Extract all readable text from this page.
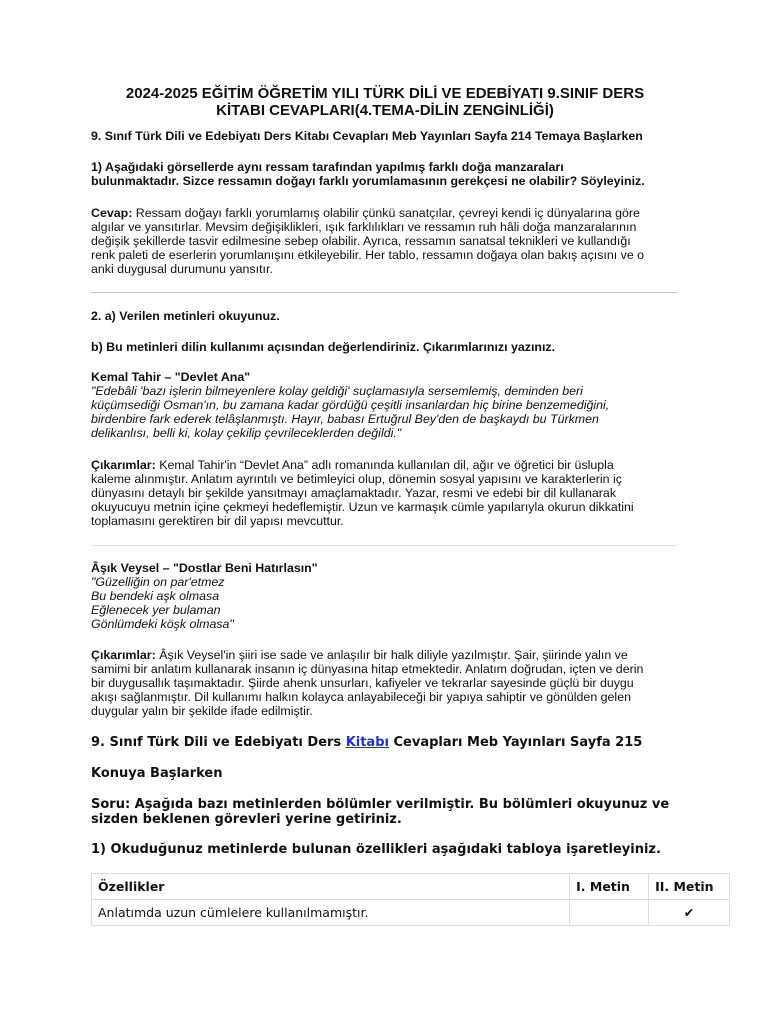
2024-2025 EĞİTİM ÖĞRETİM YILI TÜRK DİLİ VE EDEBİYATI 9.SINIF DERS
KİTABI CEVAPLARI(4.TEMA-DİLİN ZENGİNLİĞİ)
9. Sınıf Türk Dili ve Edebiyatı Ders Kitabı Cevapları Meb Yayınları Sayfa 214 Temaya Başlarken
1) Aşağıdaki görsellerde aynı ressam tarafından yapılmış farklı doğa manzaraları
bulunmaktadır. Sizce ressamın doğayı farklı yorumlamasının gerekçesi ne olabilir? Söyleyiniz.
Cevap: Ressam doğayı farklı yorumlamış olabilir çünkü sanatçılar, çevreyi kendi iç dünyalarına göre
algılar ve yansıtırlar. Mevsim değişiklikleri, ışık farklılıkları ve ressamın ruh hâli doğa manzaralarının
değişik şekillerde tasvir edilmesine sebep olabilir. Ayrıca, ressamın sanatsal teknikleri ve kullandığı
renk paleti de eserlerin yorumlanışını etkileyebilir. Her tablo, ressamın doğaya olan bakış açısını ve o
anki duygusal durumunu yansıtır.
2. a) Verilen metinleri okuyunuz.
b) Bu metinleri dilin kullanımı açısından değerlendiriniz. Çıkarımlarınızı yazınız.
Kemal Tahir – "Devlet Ana"
"Edebâli 'bazı işlerin bilmeyenlere kolay geldiği' suçlamasıyla sersemlemiş, deminden beri
küçümsediği Osman'ın, bu zamana kadar gördüğü çeşitli insanlardan hiç birine benzemediğini,
birdenbire fark ederek telâşlanmıştı. Hayır, babası Ertuğrul Bey'den de başkaydı bu Türkmen
delikanlısı, belli ki, kolay çekilip çevrileceklerden değildi."
Çıkarımlar: Kemal Tahir'in “Devlet Ana” adlı romanında kullanılan dil, ağır ve öğretici bir üslupla
kaleme alınmıştır. Anlatım ayrıntılı ve betimleyici olup, dönemin sosyal yapısını ve karakterlerin iç
dünyasını detaylı bir şekilde yansıtmayı amaçlamaktadır. Yazar, resmi ve edebi bir dil kullanarak
okuyucuyu metnin içine çekmeyi hedeflemiştir. Uzun ve karmaşık cümle yapılarıyla okurun dikkatini
toplamasını gerektiren bir dil yapısı mevcuttur.
Âşık Veysel – "Dostlar Beni Hatırlasın"
"Güzelliğin on par'etmez
Bu bendeki aşk olmasa
Eğlenecek yer bulaman
Gönlümdeki köşk olmasa"
Çıkarımlar: Âşık Veysel'in şiiri ise sade ve anlaşılır bir halk diliyle yazılmıştır. Şair, şiirinde yalın ve
samimi bir anlatım kullanarak insanın iç dünyasına hitap etmektedir. Anlatım doğrudan, içten ve derin
bir duygusallık taşımaktadır. Şiirde ahenk unsurları, kafiyeler ve tekrarlar sayesinde güçlü bir duygu
akışı sağlanmıştır. Dil kullanımı halkın kolayca anlayabileceği bir yapıya sahiptir ve gönülden gelen
duygular yalın bir şekilde ifade edilmiştir.
9. Sınıf Türk Dili ve Edebiyatı Ders Kitabı Cevapları Meb Yayınları Sayfa 215
Konuya Başlarken
Soru: Aşağıda bazı metinlerden bölümler verilmiştir. Bu bölümleri okuyunuz ve
sizden beklenen görevleri yerine getiriniz.
1) Okuduğunuz metinlerde bulunan özellikleri aşağıdaki tabloya işaretleyiniz.
Özellikler	I. Metin	II. Metin
Anlatımda uzun cümlelere kullanılmamıştır.		✔
